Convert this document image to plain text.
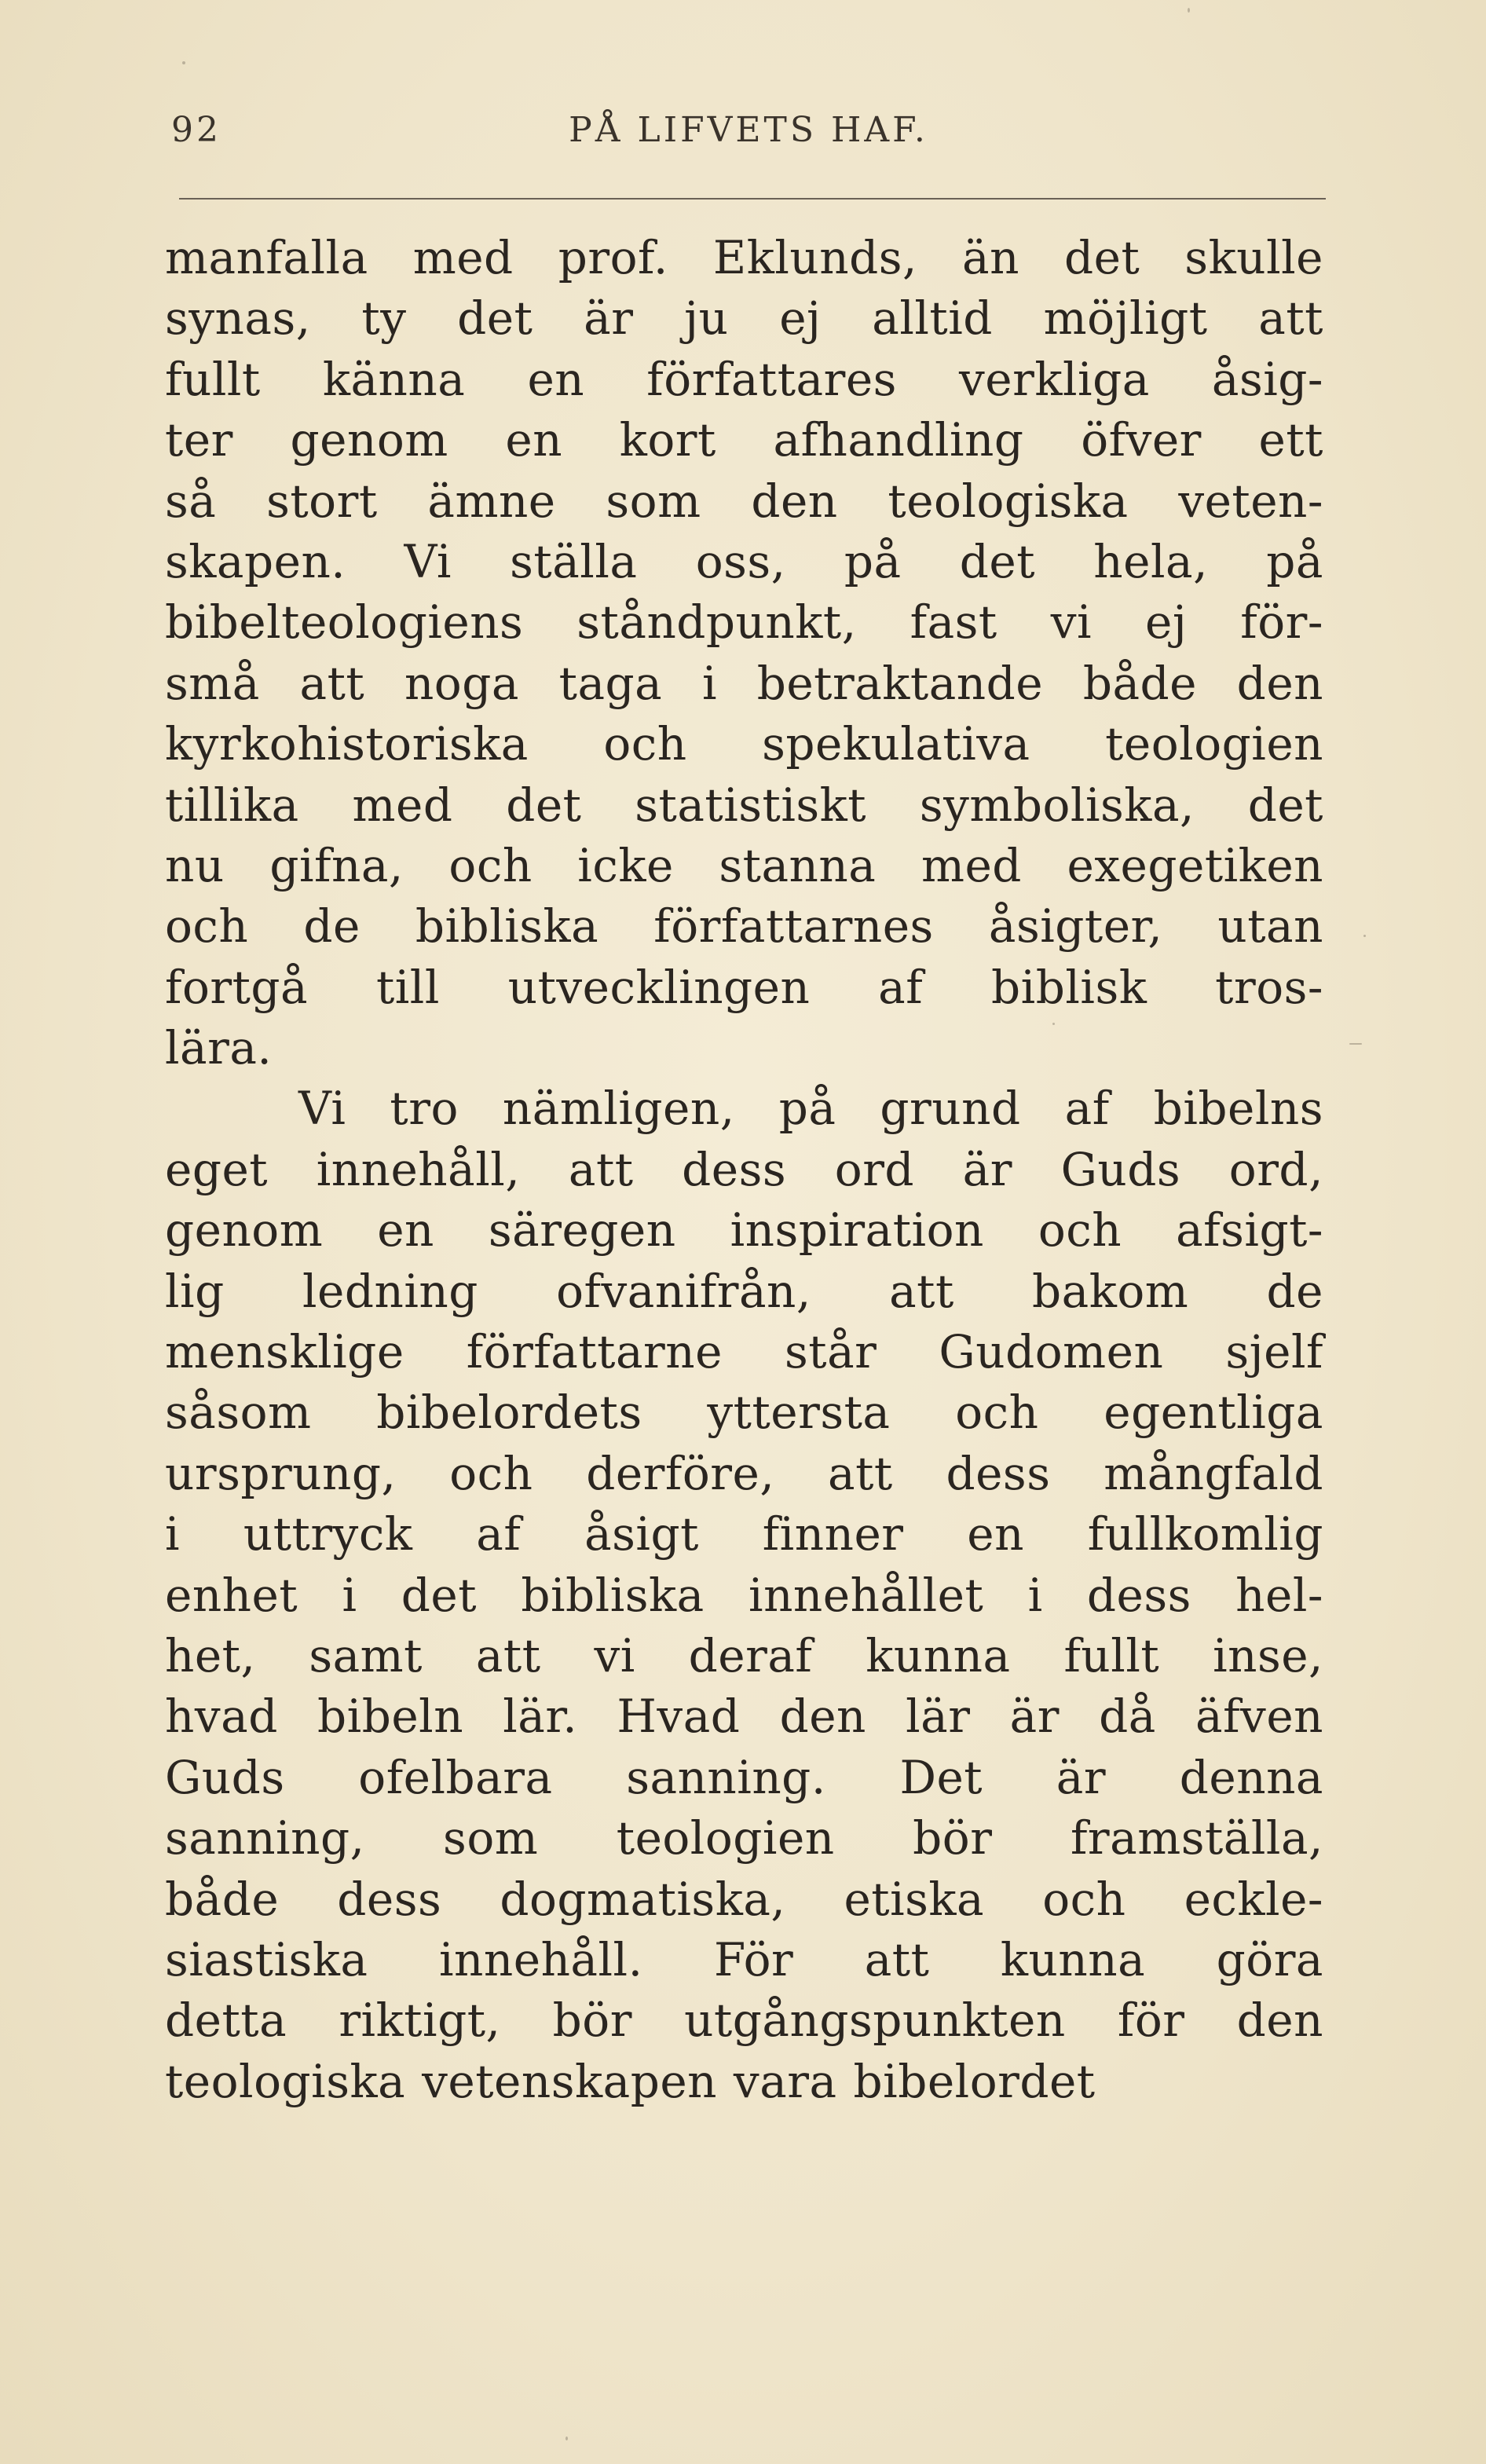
92	PÅ LIFVETS HAF.
manfalla med prof. Eklunds, än det skulle
synas, ty det är ju ej alltid möjligt att
fullt känna en författares verkliga åsig-
ter genom en kort afhandling öfver ett
så stort ämne som den teologiska veten-
skapen. Vi ställa oss, på det hela, på
bibelteologiens ståndpunkt, fast vi ej för-
små att noga taga i betraktande både den
kyrkohistoriska och spekulativa teologien
tillika med det statistiskt symboliska, det
nu gifna, och icke stanna med exegetiken
och de bibliska författarnes åsigter, utan
fortgå till utvecklingen af biblisk tros-
lära.
Vi tro nämligen, på grund af bibelns
eget innehåll, att dess ord är Guds ord,
genom en säregen inspiration och afsigt-
lig ledning ofvanifrån, att bakom de
mensklige författarne står Gudomen sjelf
såsom bibelordets yttersta och egentliga
ursprung, och derföre, att dess mångfald
i uttryck af åsigt finner en fullkomlig
enhet i det bibliska innehållet i dess hel-
het, samt att vi deraf kunna fullt inse,
hvad bibeln lär. Hvad den lär är då äfven
Guds ofelbara sanning. Det är denna
sanning, som teologien bör framställa,
både dess dogmatiska, etiska och eckle-
siastiska innehåll. För att kunna göra
detta riktigt, bör utgångspunkten för den
teologiska vetenskapen vara bibelordet
